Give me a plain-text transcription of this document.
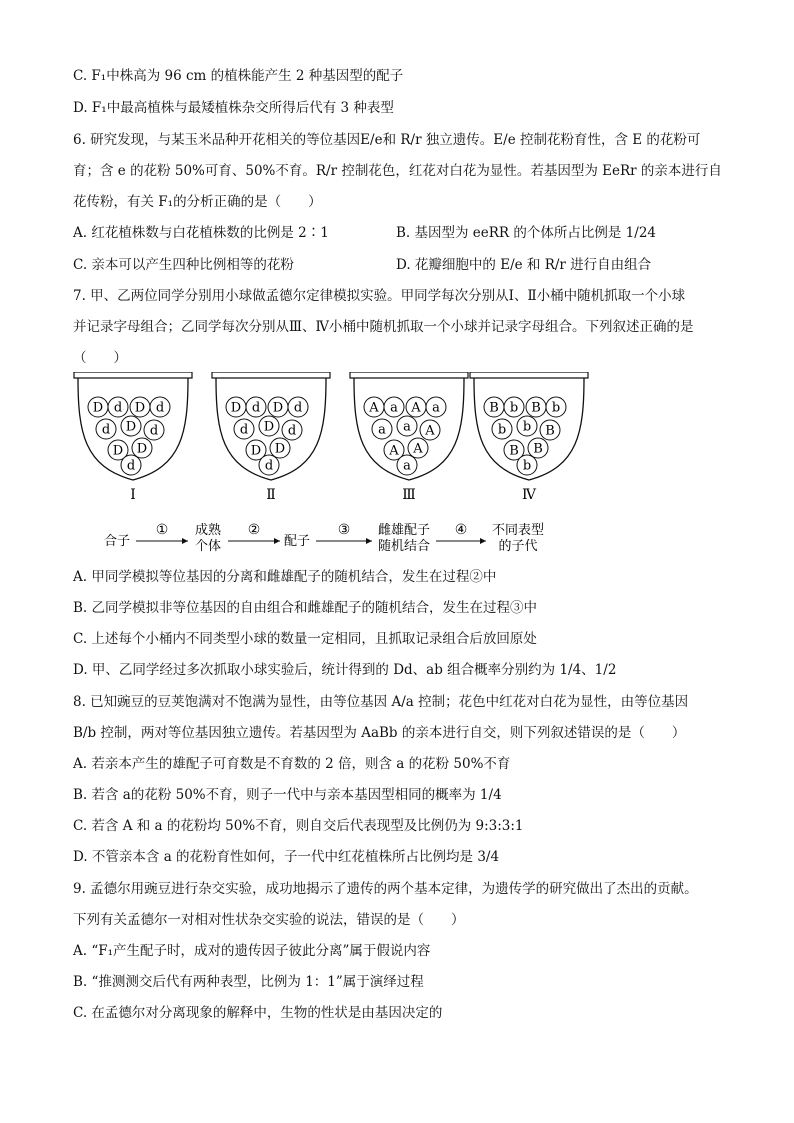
C. F₁中株高为 96 cm 的植株能产生 2 种基因型的配子
D. F₁中最高植株与最矮植株杂交所得后代有 3 种表型
6. 研究发现，与某玉米品种开花相关的等位基因E/e和 R/r 独立遗传。E/e 控制花粉育性，含 E 的花粉可
育；含 e 的花粉 50%可育、50%不育。R/r 控制花色，红花对白花为显性。若基因型为 EeRr 的亲本进行自
花传粉，有关 F₁的分析正确的是（　　）
7. 甲、乙两位同学分别用小球做孟德尔定律模拟实验。甲同学每次分别从Ⅰ、Ⅱ小桶中随机抓取一个小球
并记录字母组合；乙同学每次分别从Ⅲ、Ⅳ小桶中随机抓取一个小球并记录字母组合。下列叙述正确的是
（　　）
A. 甲同学模拟等位基因的分离和雌雄配子的随机结合，发生在过程②中
B. 乙同学模拟非等位基因的自由组合和雌雄配子的随机结合，发生在过程③中
C. 上述每个小桶内不同类型小球的数量一定相同，且抓取记录组合后放回原处
D. 甲、乙同学经过多次抓取小球实验后，统计得到的 Dd、ab 组合概率分别约为 1/4、1/2
8. 已知豌豆的豆荚饱满对不饱满为显性，由等位基因 A/a 控制；花色中红花对白花为显性，由等位基因
B/b 控制，两对等位基因独立遗传。若基因型为 AaBb 的亲本进行自交，则下列叙述错误的是（　　）
A. 若亲本产生的雄配子可育数是不育数的 2 倍，则含 a 的花粉 50%不育
B. 若含 a的花粉 50%不育，则子一代中与亲本基因型相同的概率为 1/4
C. 若含 A 和 a 的花粉均 50%不育，则自交后代表现型及比例仍为 9:3:3:1
D. 不管亲本含 a 的花粉育性如何，子一代中红花植株所占比例均是 3/4
9. 孟德尔用豌豆进行杂交实验，成功地揭示了遗传的两个基本定律，为遗传学的研究做出了杰出的贡献。
下列有关孟德尔一对相对性状杂交实验的说法，错误的是（　　）
A. “F₁产生配子时，成对的遗传因子彼此分离”属于假说内容
B. “推测测交后代有两种表型，比例为 1：1”属于演绎过程
C. 在孟德尔对分离现象的解释中，生物的性状是由基因决定的
A. 红花植株数与白花植株数的比例是 2∶1	B. 基因型为 eeRR 的个体所占比例是 1/24
C. 亲本可以产生四种比例相等的花粉	D. 花瓣细胞中的 E/e 和 R/r 进行自由组合
D d D d
d D d
D D
d
Ⅰ
D d D d
d D d
D D
d
Ⅱ
A a A a
a a A
A A
a
Ⅲ
B b B b
b b B
B B
b
Ⅳ
合子
① 成熟
个体
②
配子
③ 雌雄配子
随机结合
④ 不同表型
的子代
